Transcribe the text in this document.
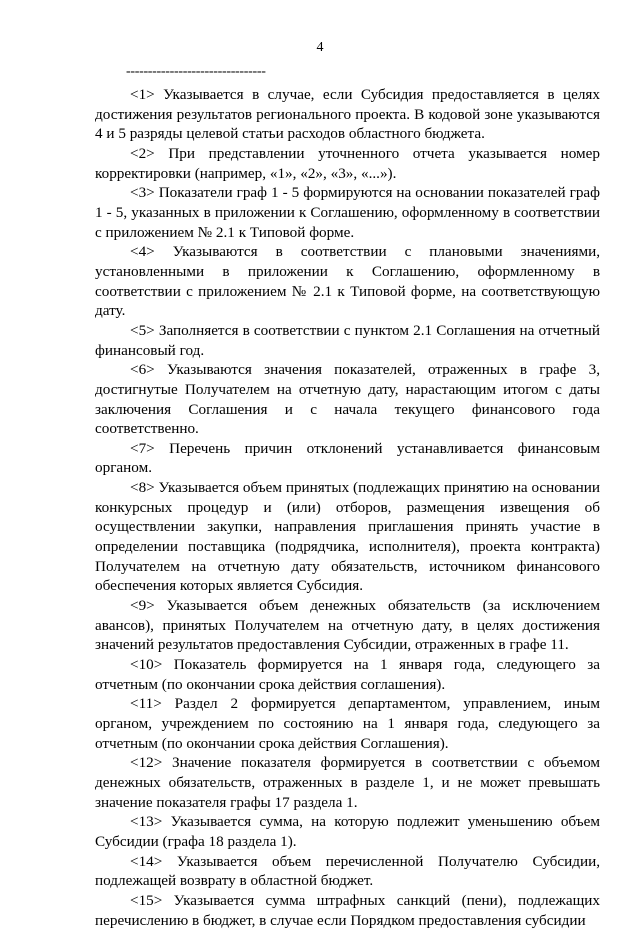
4
--------------------------------

<1> Указывается в случае, если Субсидия предоставляется в целях достижения результатов регионального проекта. В кодовой зоне указываются 4 и 5 разряды целевой статьи расходов областного бюджета.

<2> При представлении уточненного отчета указывается номер корректировки (например, «1», «2», «3», «...»).

<3> Показатели граф 1 - 5 формируются на основании показателей граф 1 - 5, указанных в приложении к Соглашению, оформленному в соответствии с приложением № 2.1 к Типовой форме.

<4> Указываются в соответствии с плановыми значениями, установленными в приложении к Соглашению, оформленному в соответствии с приложением № 2.1 к Типовой форме, на соответствующую дату.

<5> Заполняется в соответствии с пунктом 2.1 Соглашения на отчетный финансовый год.

<6> Указываются значения показателей, отраженных в графе 3, достигнутые Получателем на отчетную дату, нарастающим итогом с даты заключения Соглашения и с начала текущего финансового года соответственно.

<7> Перечень причин отклонений устанавливается финансовым органом.

<8> Указывается объем принятых (подлежащих принятию на основании конкурсных процедур и (или) отборов, размещения извещения об осуществлении закупки, направления приглашения принять участие в определении поставщика (подрядчика, исполнителя), проекта контракта) Получателем на отчетную дату обязательств, источником финансового обеспечения которых является Субсидия.

<9> Указывается объем денежных обязательств (за исключением авансов), принятых Получателем на отчетную дату, в целях достижения значений результатов предоставления Субсидии, отраженных в графе 11.

<10> Показатель формируется на 1 января года, следующего за отчетным (по окончании срока действия соглашения).

<11> Раздел 2 формируется департаментом, управлением, иным органом, учреждением по состоянию на 1 января года, следующего за отчетным (по окончании срока действия Соглашения).

<12> Значение показателя формируется в соответствии с объемом денежных обязательств, отраженных в разделе 1, и не может превышать значение показателя графы 17 раздела 1.

<13> Указывается сумма, на которую подлежит уменьшению объем Субсидии (графа 18 раздела 1).

<14> Указывается объем перечисленной Получателю Субсидии, подлежащей возврату в областной бюджет.

<15> Указывается сумма штрафных санкций (пени), подлежащих перечислению в бюджет, в случае если Порядком предоставления субсидии
